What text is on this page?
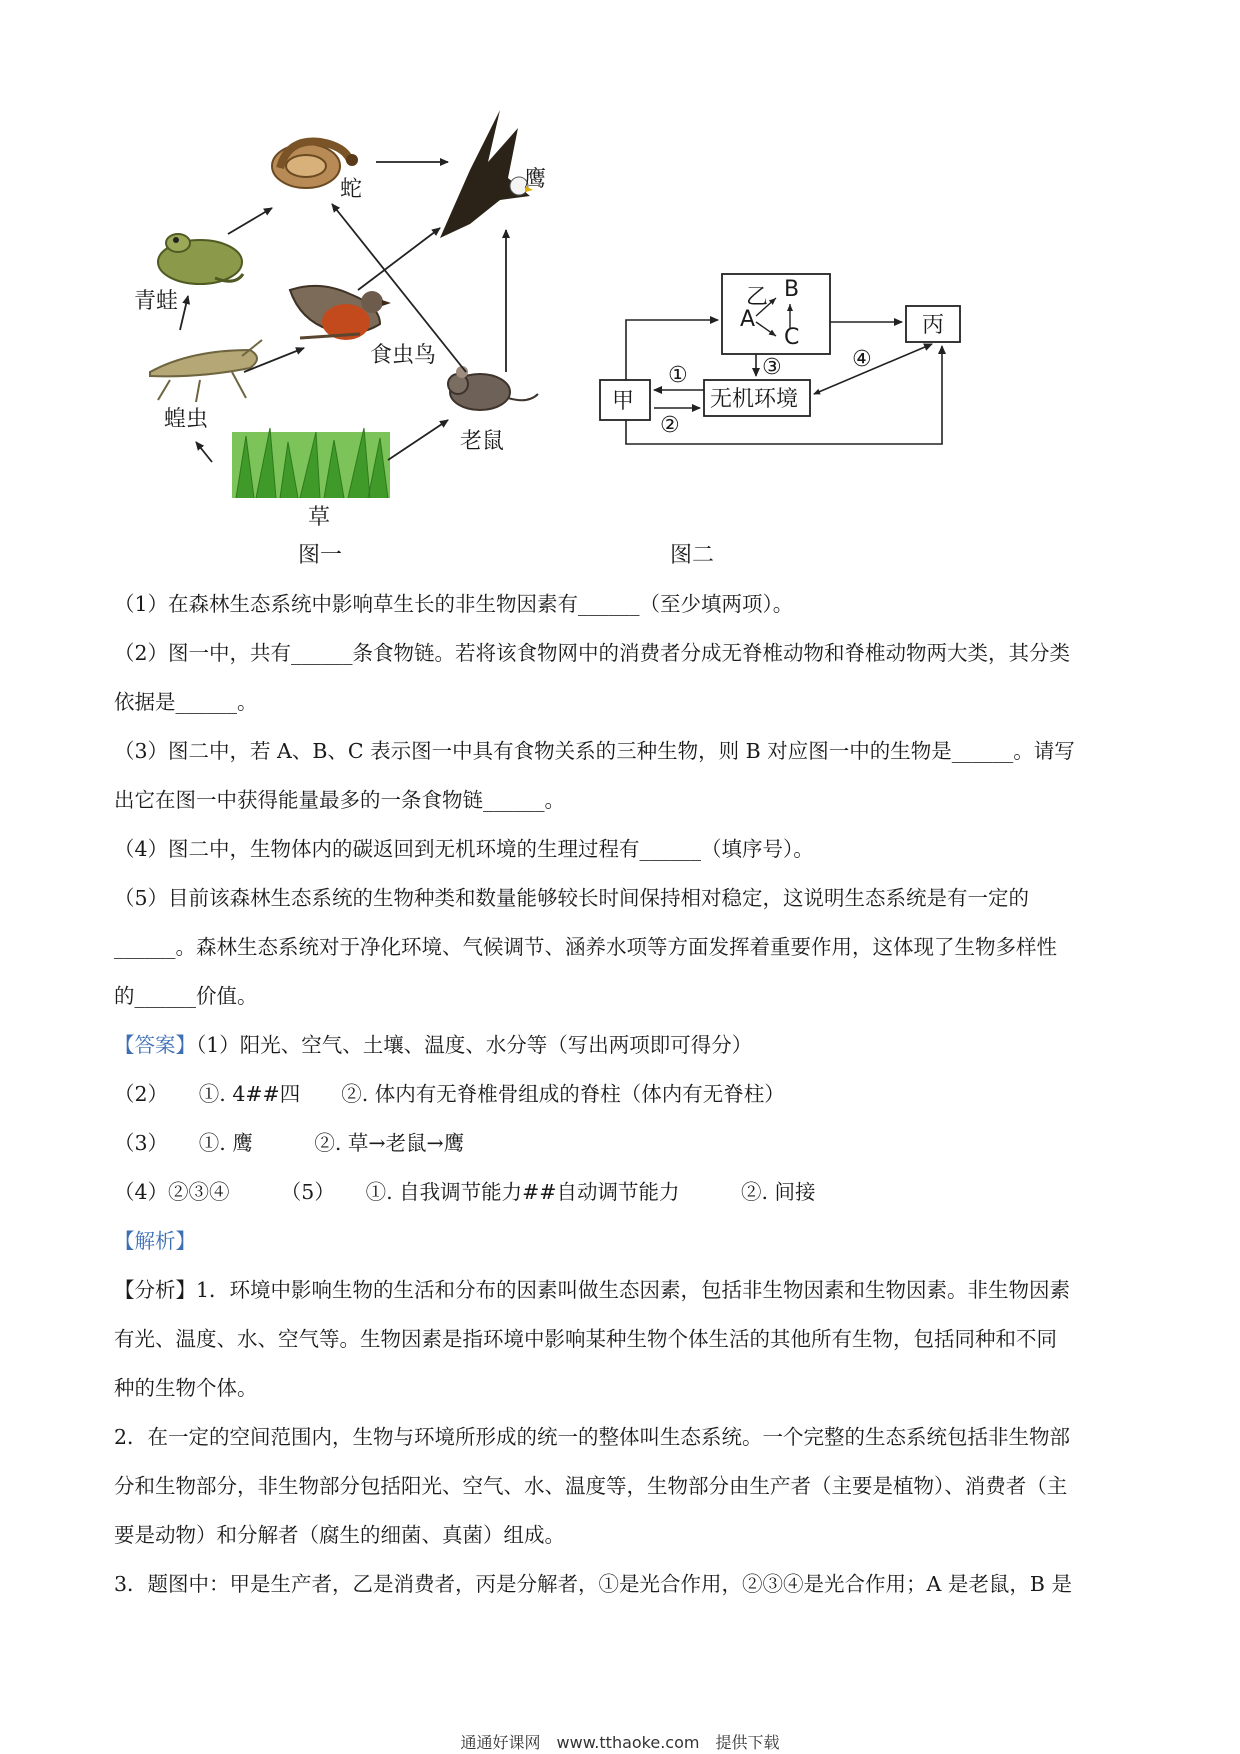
蛇	鹰
青蛙
食虫鸟
蝗虫
老鼠
草
图一
乙 B
A
C	丙
甲	无机环境
①
②
③	④
图二

（1）在森林生态系统中影响草生长的非生物因素有______（至少填两项）。

（2）图一中，共有______条食物链。若将该食物网中的消费者分成无脊椎动物和脊椎动物两大类，其分类

依据是______。

（3）图二中，若 A、B、C 表示图一中具有食物关系的三种生物，则 B 对应图一中的生物是______。请写

出它在图一中获得能量最多的一条食物链______。

（4）图二中，生物体内的碳返回到无机环境的生理过程有______（填序号）。

（5）目前该森林生态系统的生物种类和数量能够较长时间保持相对稳定，这说明生态系统是有一定的

______。森林生态系统对于净化环境、气候调节、涵养水项等方面发挥着重要作用，这体现了生物多样性

的______价值。

【答案】（1）阳光、空气、土壤、温度、水分等（写出两项即可得分）

（2）　　①. 4##四　　②. 体内有无脊椎骨组成的脊柱（体内有无脊柱）

（3）　　①. 鹰　　　②. 草→老鼠→鹰

（4）②③④　　　（5）　　①. 自我调节能力##自动调节能力　　　②. 间接

【解析】

【分析】1．环境中影响生物的生活和分布的因素叫做生态因素，包括非生物因素和生物因素。非生物因素

有光、温度、水、空气等。生物因素是指环境中影响某种生物个体生活的其他所有生物，包括同种和不同

种的生物个体。

2．在一定的空间范围内，生物与环境所形成的统一的整体叫生态系统。一个完整的生态系统包括非生物部

分和生物部分，非生物部分包括阳光、空气、水、温度等，生物部分由生产者（主要是植物）、消费者（主

要是动物）和分解者（腐生的细菌、真菌）组成。

3．题图中：甲是生产者，乙是消费者，丙是分解者，①是光合作用，②③④是光合作用；A 是老鼠，B 是

通通好课网　www.tthaoke.com　提供下载
